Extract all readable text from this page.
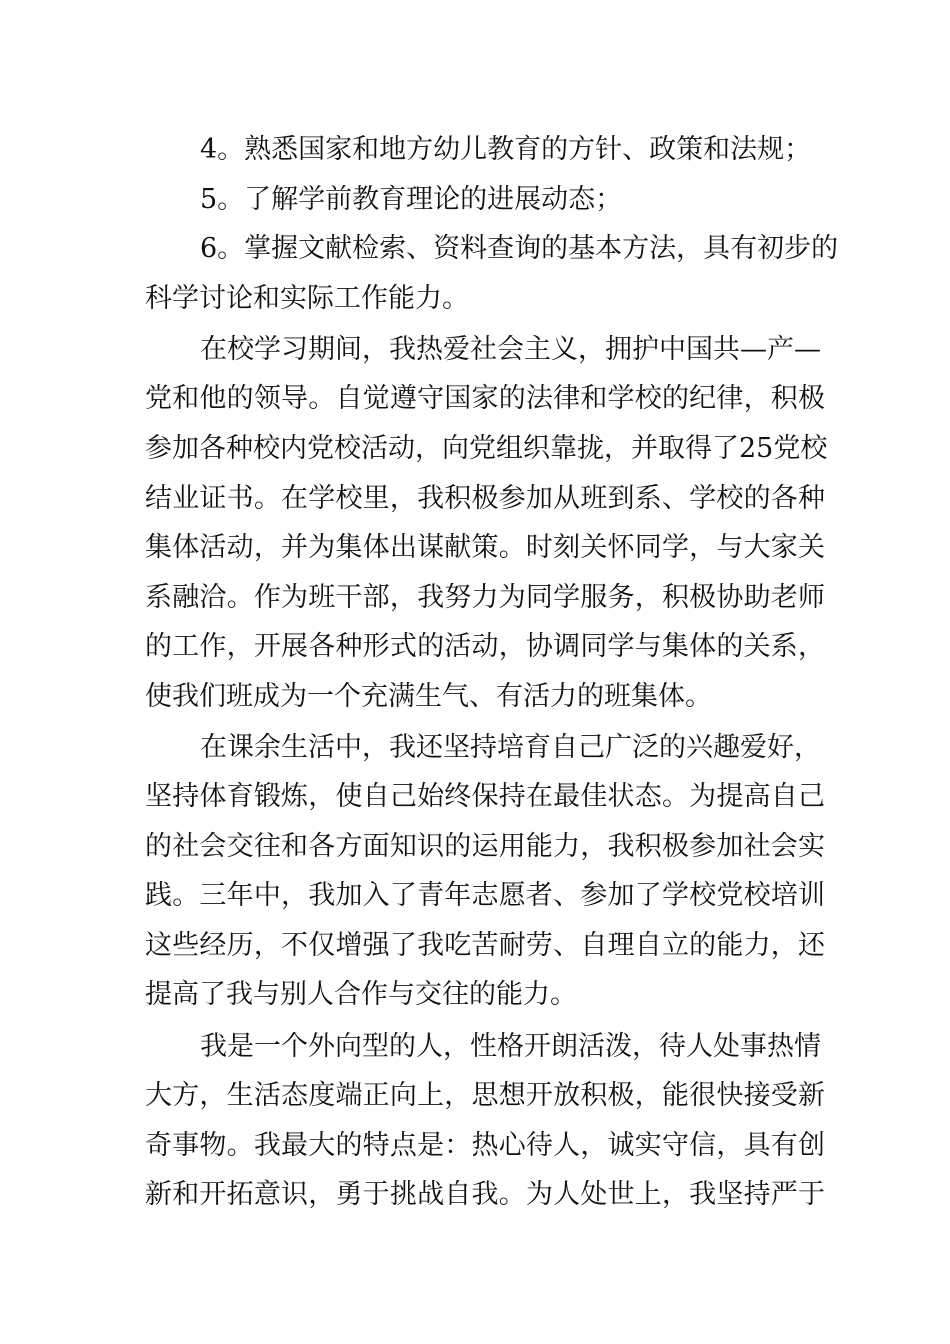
4。熟悉国家和地方幼儿教育的方针、政策和法规；
5。了解学前教育理论的进展动态；
6。掌握文献检索、资料查询的基本方法，具有初步的
科学讨论和实际工作能力。
在校学习期间，我热爱社会主义，拥护中国共—产—
党和他的领导。自觉遵守国家的法律和学校的纪律，积极
参加各种校内党校活动，向党组织靠拢，并取得了25党校
结业证书。在学校里，我积极参加从班到系、学校的各种
集体活动，并为集体出谋献策。时刻关怀同学，与大家关
系融洽。作为班干部，我努力为同学服务，积极协助老师
的工作，开展各种形式的活动，协调同学与集体的关系，
使我们班成为一个充满生气、有活力的班集体。
在课余生活中，我还坚持培育自己广泛的兴趣爱好，
坚持体育锻炼，使自己始终保持在最佳状态。为提高自己
的社会交往和各方面知识的运用能力，我积极参加社会实
践。三年中，我加入了青年志愿者、参加了学校党校培训
这些经历，不仅增强了我吃苦耐劳、自理自立的能力，还
提高了我与别人合作与交往的能力。
我是一个外向型的人，性格开朗活泼，待人处事热情
大方，生活态度端正向上，思想开放积极，能很快接受新
奇事物。我最大的特点是：热心待人，诚实守信，具有创
新和开拓意识，勇于挑战自我。为人处世上，我坚持严于
